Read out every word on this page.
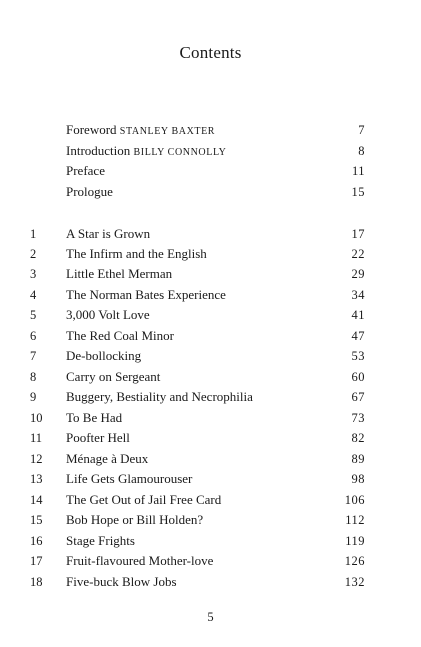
Contents
Foreword STANLEY BAXTER	7
Introduction BILLY CONNOLLY	8
Preface	11
Prologue	15
1	A Star is Grown	17
2	The Infirm and the English	22
3	Little Ethel Merman	29
4	The Norman Bates Experience	34
5	3,000 Volt Love	41
6	The Red Coal Minor	47
7	De-bollocking	53
8	Carry on Sergeant	60
9	Buggery, Bestiality and Necrophilia	67
10	To Be Had	73
11	Poofter Hell	82
12	Ménage à Deux	89
13	Life Gets Glamourouser	98
14	The Get Out of Jail Free Card	106
15	Bob Hope or Bill Holden?	112
16	Stage Frights	119
17	Fruit-flavoured Mother-love	126
18	Five-buck Blow Jobs	132
5
